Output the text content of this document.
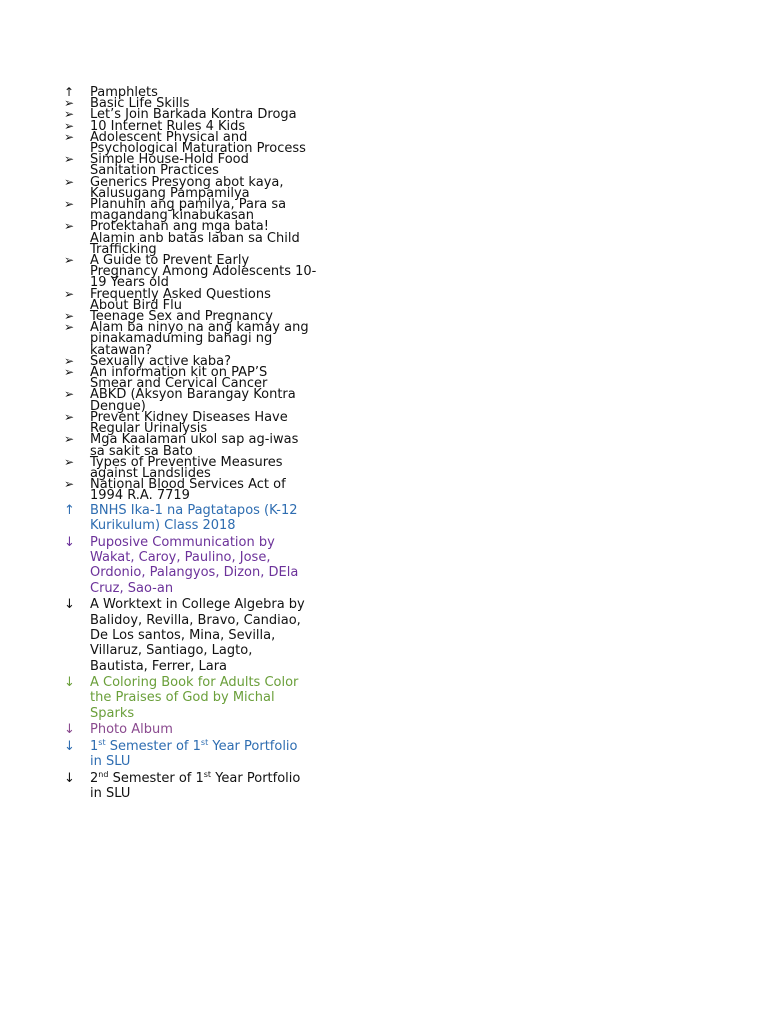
↑	Pamphlets
➢	Basic Life Skills
➢	Let’s Join Barkada Kontra Droga
➢	10 Internet Rules 4 Kids
➢	Adolescent Physical and
Psychological Maturation Process
➢	Simple House-Hold Food
Sanitation Practices
➢	Generics Presyong abot kaya,
Kalusugang Pampamilya
➢	Planuhin ang pamilya, Para sa
magandang kinabukasan
➢	Protektahan ang mga bata!
Alamin anb batas laban sa Child
Trafficking
➢	A Guide to Prevent Early
Pregnancy Among Adolescents 10-
19 Years old
➢	Frequently Asked Questions
About Bird Flu
➢	Teenage Sex and Pregnancy
➢	Alam ba ninyo na ang kamay ang
pinakamaduming bahagi ng
katawan?
➢	Sexually active kaba?
➢	An information kit on PAP’S
Smear and Cervical Cancer
➢	ABKD (Aksyon Barangay Kontra
Dengue)
➢	Prevent Kidney Diseases Have
Regular Urinalysis
➢	Mga Kaalaman ukol sap ag-iwas
sa sakit sa Bato
➢	Types of Preventive Measures
against Landslides
➢	National Blood Services Act of
1994 R.A. 7719
↑	BNHS Ika-1 na Pagtatapos (K-12
Kurikulum) Class 2018
↓	Puposive Communication by
Wakat, Caroy, Paulino, Jose,
Ordonio, Palangyos, Dizon, DEla
Cruz, Sao-an
↓	A Worktext in College Algebra by
Balidoy, Revilla, Bravo, Candiao,
De Los santos, Mina, Sevilla,
Villaruz, Santiago, Lagto,
Bautista, Ferrer, Lara
↓	A Coloring Book for Adults Color
the Praises of God by Michal
Sparks
↓	Photo Album
↓	1st Semester of 1st Year Portfolio
in SLU
↓	2nd Semester of 1st Year Portfolio
in SLU
